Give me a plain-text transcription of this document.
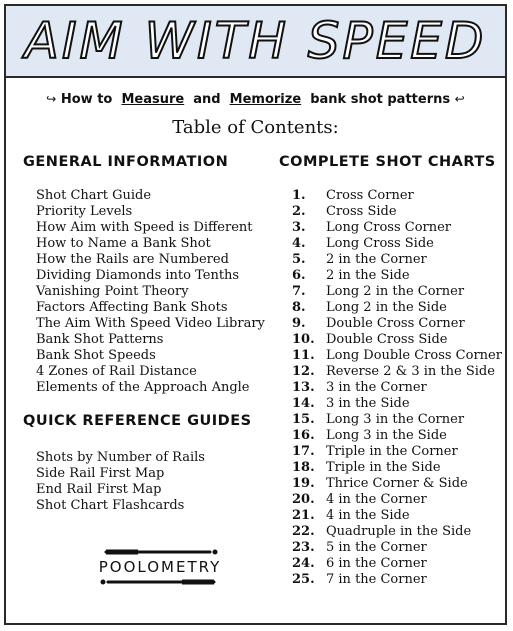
AIM WITH SPEED
↪ How to Measure and Memorize bank shot patterns ↩
Table of Contents:
GENERAL INFORMATION
Shot Chart Guide
Priority Levels
How Aim with Speed is Different
How to Name a Bank Shot
How the Rails are Numbered
Dividing Diamonds into Tenths
Vanishing Point Theory
Factors Affecting Bank Shots
The Aim With Speed Video Library
Bank Shot Patterns
Bank Shot Speeds
4 Zones of Rail Distance
Elements of the Approach Angle
QUICK REFERENCE GUIDES
Shots by Number of Rails
Side Rail First Map
End Rail First Map
Shot Chart Flashcards
COMPLETE SHOT CHARTS
1.	Cross Corner
2.	Cross Side
3.	Long Cross Corner
4.	Long Cross Side
5.	2 in the Corner
6.	2 in the Side
7.	Long 2 in the Corner
8.	Long 2 in the Side
9.	Double Cross Corner
10. Double Cross Side
11. Long Double Cross Corner
12. Reverse 2 & 3 in the Side
13. 3 in the Corner
14. 3 in the Side
15. Long 3 in the Corner
16. Long 3 in the Side
17. Triple in the Corner
18. Triple in the Side
19. Thrice Corner & Side
20. 4 in the Corner
21. 4 in the Side
22. Quadruple in the Side
23. 5 in the Corner
24. 6 in the Corner
25. 7 in the Corner
POOLOMETRY
